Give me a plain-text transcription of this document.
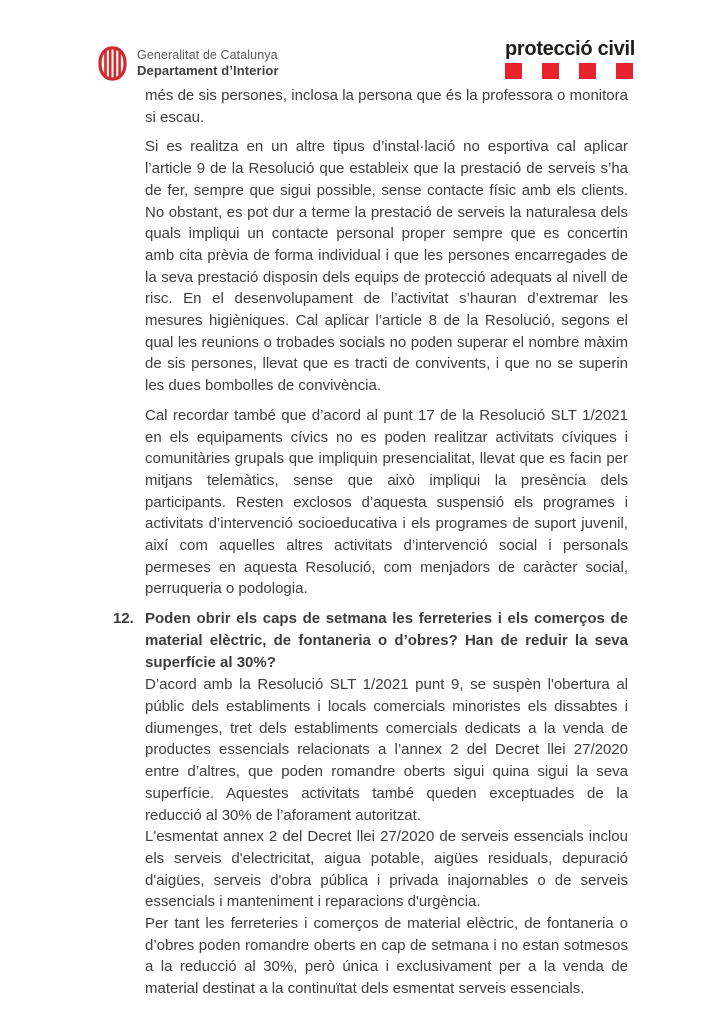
Generalitat de Catalunya
Departament d’Interior
protecció civil

més de sis persones, inclosa la persona que és la professora o monitora si escau.

Si es realitza en un altre tipus d’instal·lació no esportiva cal aplicar l’article 9 de la Resolució que estableix que la prestació de serveis s’ha de fer, sempre que sigui possible, sense contacte físic amb els clients. No obstant, es pot dur a terme la prestació de serveis la naturalesa dels quals impliqui un contacte personal proper sempre que es concertin amb cita prèvia de forma individual i que les persones encarregades de la seva prestació disposin dels equips de protecció adequats al nivell de risc. En el desenvolupament de l’activitat s’hauran d’extremar les mesures higièniques. Cal aplicar l’article 8 de la Resolució, segons el qual les reunions o trobades socials no poden superar el nombre màxim de sis persones, llevat que es tracti de convivents, i que no se superin les dues bombolles de convivència.

Cal recordar també que d’acord al punt 17 de la Resolució SLT 1/2021 en els equipaments cívics no es poden realitzar activitats cíviques i comunitàries grupals que impliquin presencialitat, llevat que es facin per mitjans telemàtics, sense que això impliqui la presència dels participants. Resten exclosos d’aquesta suspensió els programes i activitats d’intervenció socioeducativa i els programes de suport juvenil, així com aquelles altres activitats d’intervenció social i personals permeses en aquesta Resolució, com menjadors de caràcter social, perruqueria o podologia.

12. Poden obrir els caps de setmana les ferreteries i els comerços de material elèctric, de fontaneria o d’obres? Han de reduir la seva superfície al 30%?

D’acord amb la Resolució SLT 1/2021 punt 9, se suspèn l'obertura al públic dels establiments i locals comercials minoristes els dissabtes i diumenges, tret dels establiments comercials dedicats a la venda de productes essencials relacionats a l’annex 2 del Decret llei 27/2020 entre d’altres, que poden romandre oberts sigui quina sigui la seva superfície. Aquestes activitats també queden exceptuades de la reducció al 30% de l’aforament autoritzat.

L'esmentat annex 2 del Decret llei 27/2020 de serveis essencials inclou els serveis d'electricitat, aigua potable, aigües residuals, depuració d'aigües, serveis d'obra pública i privada inajornables o de serveis essencials i manteniment i reparacions d'urgència.

Per tant les ferreteries i comerços de material elèctric, de fontaneria o d’obres poden romandre oberts en cap de setmana i no estan sotmesos a la reducció al 30%, però única i exclusivament per a la venda de material destinat a la continuïtat dels esmentat serveis essencials.
